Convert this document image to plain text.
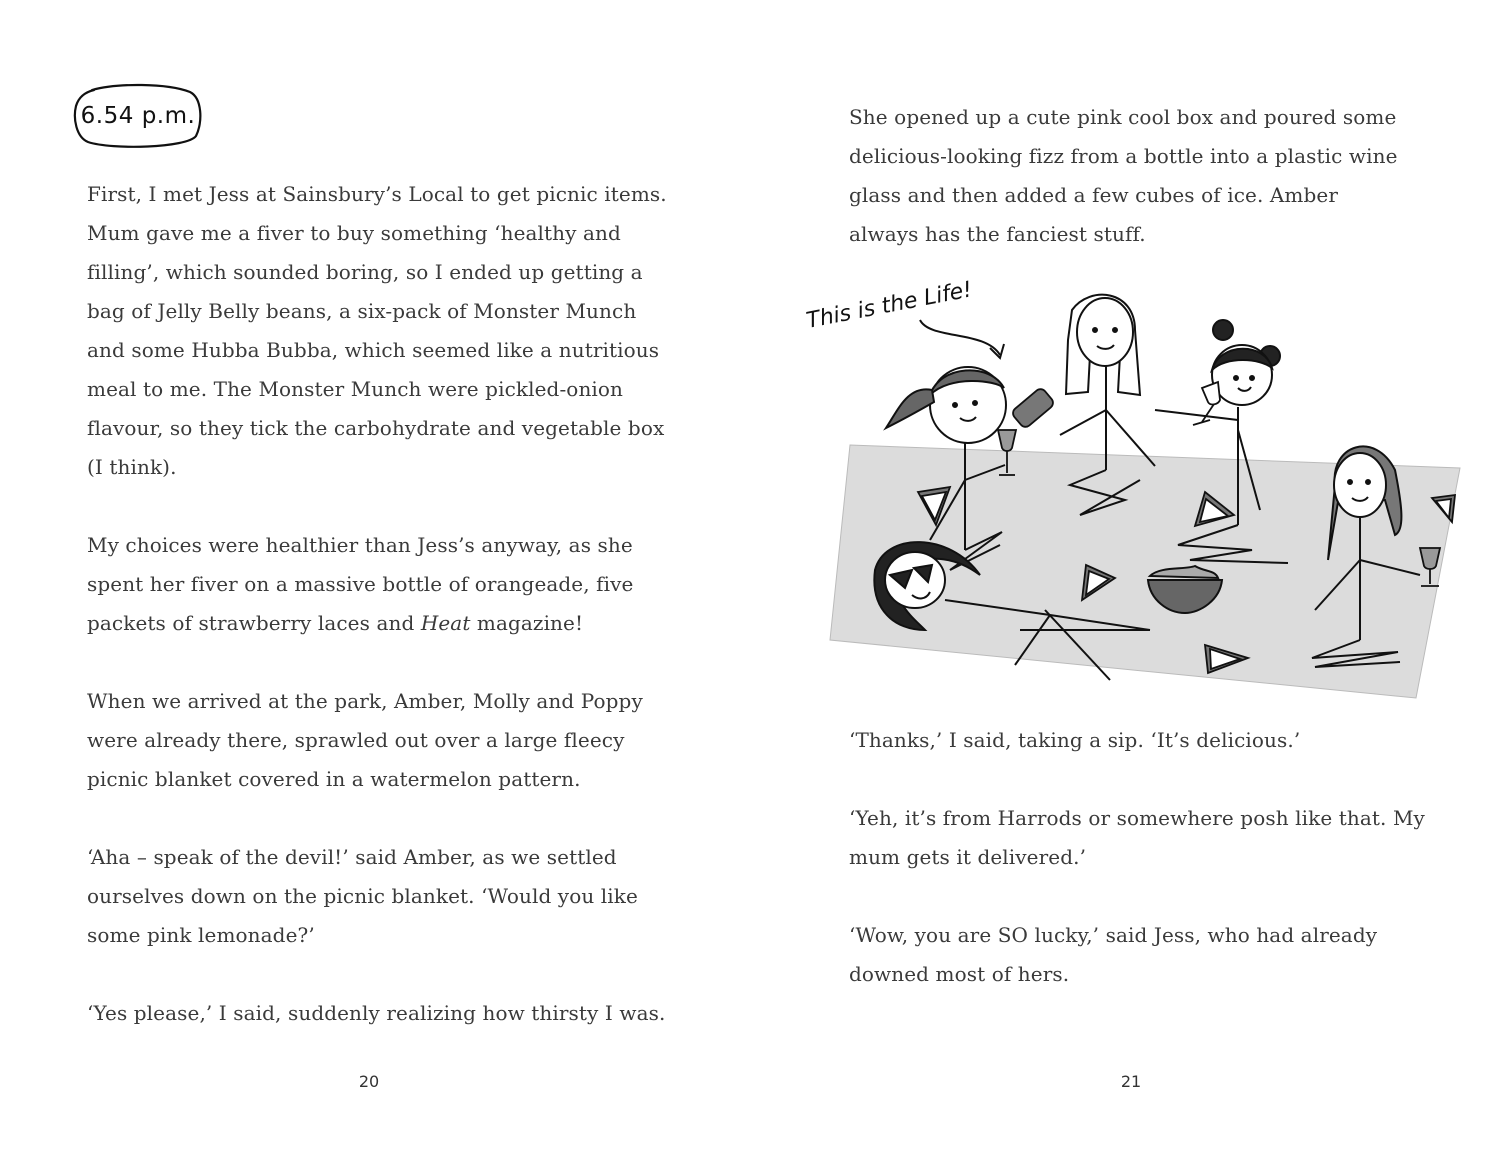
6.54 p.m.

First, I met Jess at Sainsbury’s Local to get picnic items. Mum gave me a fiver to buy something ‘healthy and filling’, which sounded boring, so I ended up getting a bag of Jelly Belly beans, a six-pack of Monster Munch and some Hubba Bubba, which seemed like a nutritious meal to me. The Monster Munch were pickled-onion flavour, so they tick the carbohydrate and vegetable box (I think).

My choices were healthier than Jess’s anyway, as she spent her fiver on a massive bottle of orangeade, five packets of strawberry laces and Heat magazine!

When we arrived at the park, Amber, Molly and Poppy were already there, sprawled out over a large fleecy picnic blanket covered in a watermelon pattern.

‘Aha – speak of the devil!’ said Amber, as we settled ourselves down on the picnic blanket. ‘Would you like some pink lemonade?’

‘Yes please,’ I said, suddenly realizing how thirsty I was.

20

She opened up a cute pink cool box and poured some delicious-looking fizz from a bottle into a plastic wine glass and then added a few cubes of ice. Amber always has the fanciest stuff.

This is the Life!

‘Thanks,’ I said, taking a sip. ‘It’s delicious.’

‘Yeh, it’s from Harrods or somewhere posh like that. My mum gets it delivered.’

‘Wow, you are SO lucky,’ said Jess, who had already downed most of hers.

21
